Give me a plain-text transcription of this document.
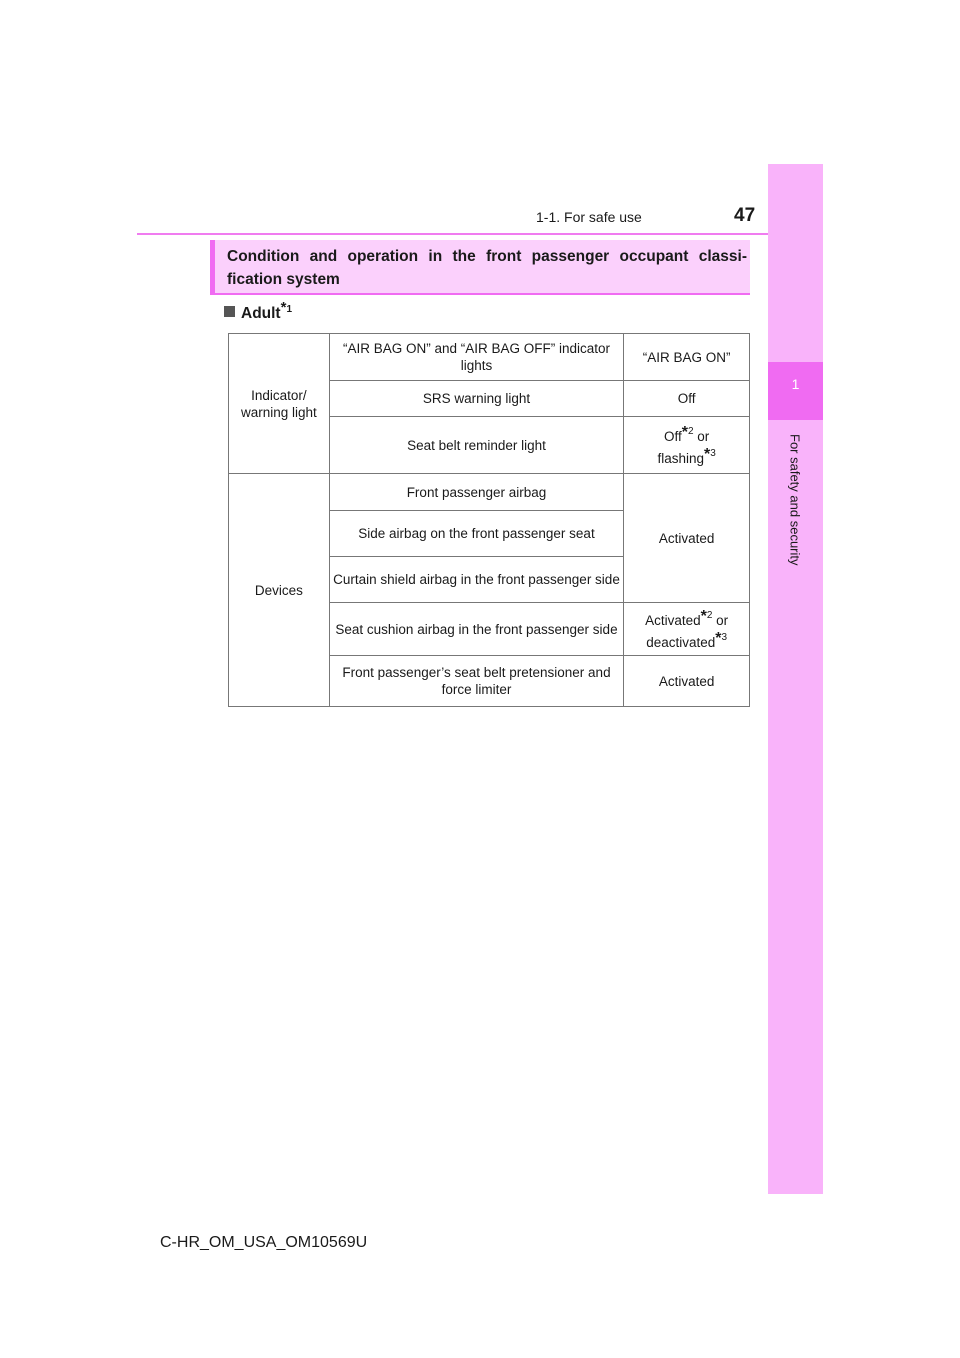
1-1. For safe use	47
1
For safety and security
Condition and operation in the front passenger occupant classi-fication system
Adult*$^1$
Indicator/ warning light	“AIR BAG ON” and “AIR BAG OFF” indicator lights	“AIR BAG ON”
	SRS warning light	Off
	Seat belt reminder light	Off*$^2$ or
flashing*$^3$
Devices	Front passenger airbag	Activated
	Side airbag on the front passenger seat	
	Curtain shield airbag in the front passenger side	
	Seat cushion airbag in the front passenger side	Activated*$^2$ or
deactivated*$^3$
	Front passenger’s seat belt pretensioner and force limiter	Activated
C-HR_OM_USA_OM10569U
